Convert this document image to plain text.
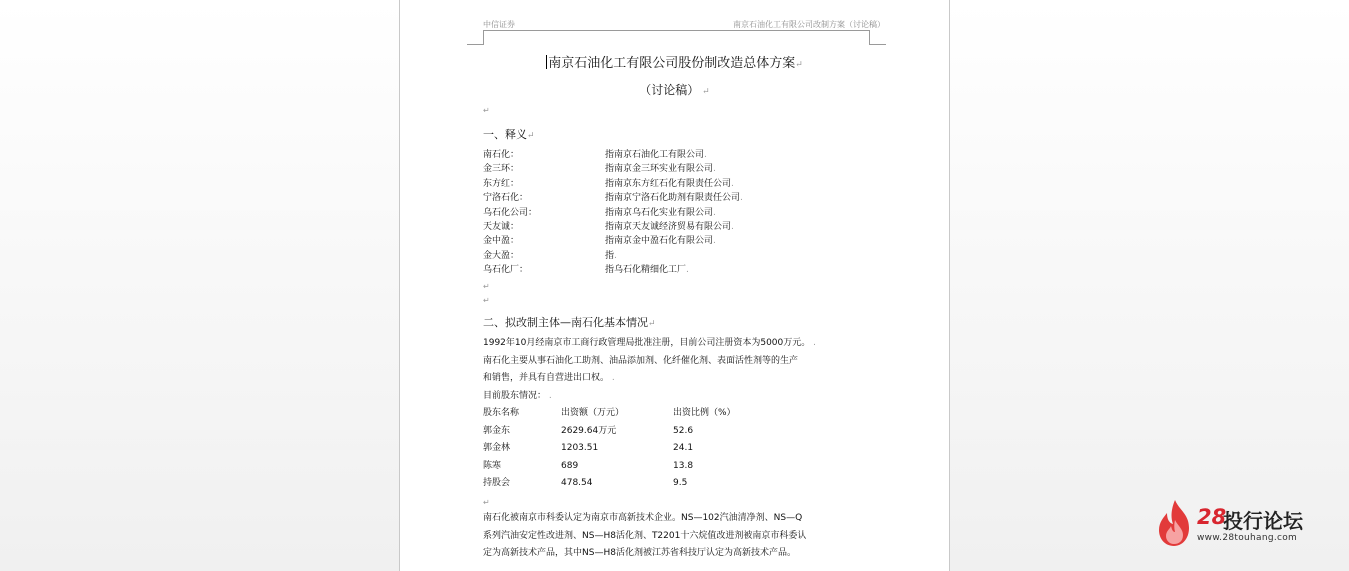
中信证券	南京石油化工有限公司改制方案（讨论稿）
南京石油化工有限公司股份制改造总体方案↵
（讨论稿） ↵
↵
一、释义↵
南石化：	指南京石油化工有限公司 .
金三环：	指南京金三环实业有限公司 .
东方红：	指南京东方红石化有限责任公司 .
宁洛石化：	指南京宁洛石化助剂有限责任公司 .
乌石化公司：	指南京乌石化实业有限公司 .
天友诚：	指南京天友诚经济贸易有限公司 .
金中盈：	指南京金中盈石化有限公司 .
金大盈：	指 .
乌石化厂：	指乌石化精细化工厂 .
↵
↵
二、拟改制主体—南石化基本情况↵
1992年10月经南京市工商行政管理局批准注册，目前公司注册资本为5000万元。 .
南石化主要从事石油化工助剂、油品添加剂、化纤催化剂、表面活性剂等的生产
和销售，并具有自营进出口权。 .
目前股东情况： .
股东名称	出资额（万元）	出资比例（%）
郭金东	2629.64万元	52.6
郭金林	1203.51	24.1
陈寒	689	13.8
持股会	478.54	9.5
↵
南石化被南京市科委认定为南京市高新技术企业。NS—102汽油清净剂、NS—Q
系列汽油安定性改进剂、NS—H8活化剂、T2201十六烷值改进剂被南京市科委认
定为高新技术产品，其中NS—H8活化剂被江苏省科技厅认定为高新技术产品。
28
投行论坛
www.28touhang.com
